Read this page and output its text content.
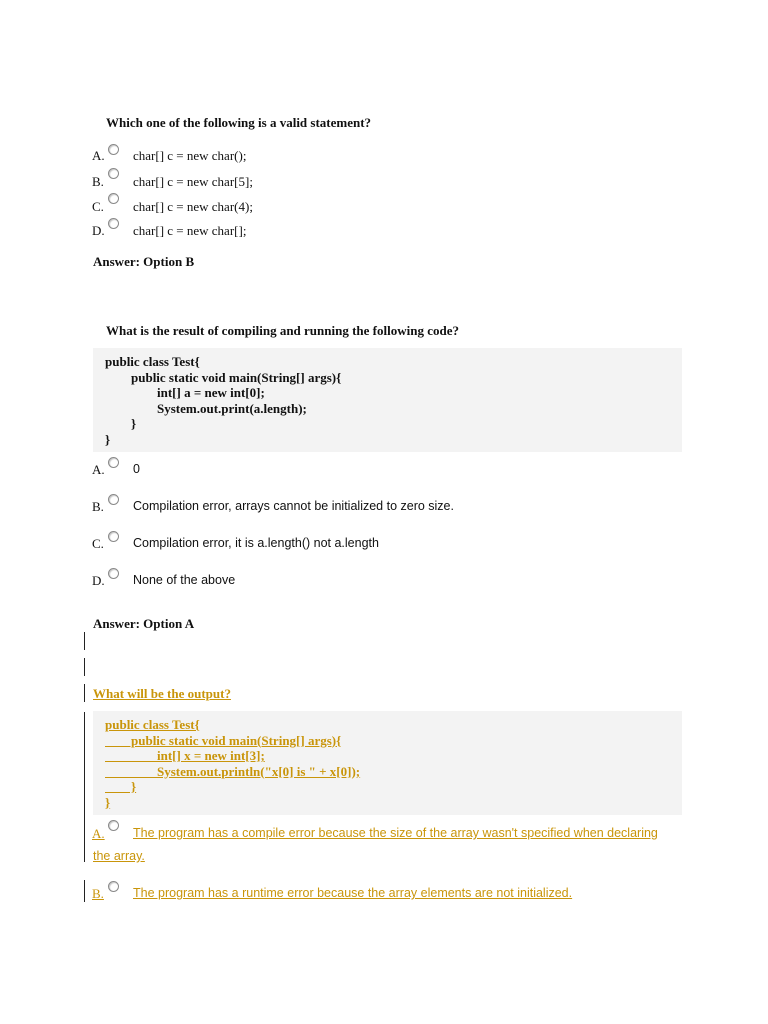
Which one of the following is a valid statement?
A. char[] c = new char();
B. char[] c = new char[5];
C. char[] c = new char(4);
D. char[] c = new char[];
Answer: Option B
What is the result of compiling and running the following code?
public class Test{
public static void main(String[] args){
int[] a = new int[0];
System.out.print(a.length);
}
}
A. 0
B. Compilation error, arrays cannot be initialized to zero size.
C. Compilation error, it is a.length() not a.length
D. None of the above
Answer: Option A
What will be the output?
public class Test{
public static void main(String[] args){
int[] x = new int[3];
System.out.println("x[0] is " + x[0]);
}
}
A. The program has a compile error because the size of the array wasn't specified when declaring
the array.
B. The program has a runtime error because the array elements are not initialized.
